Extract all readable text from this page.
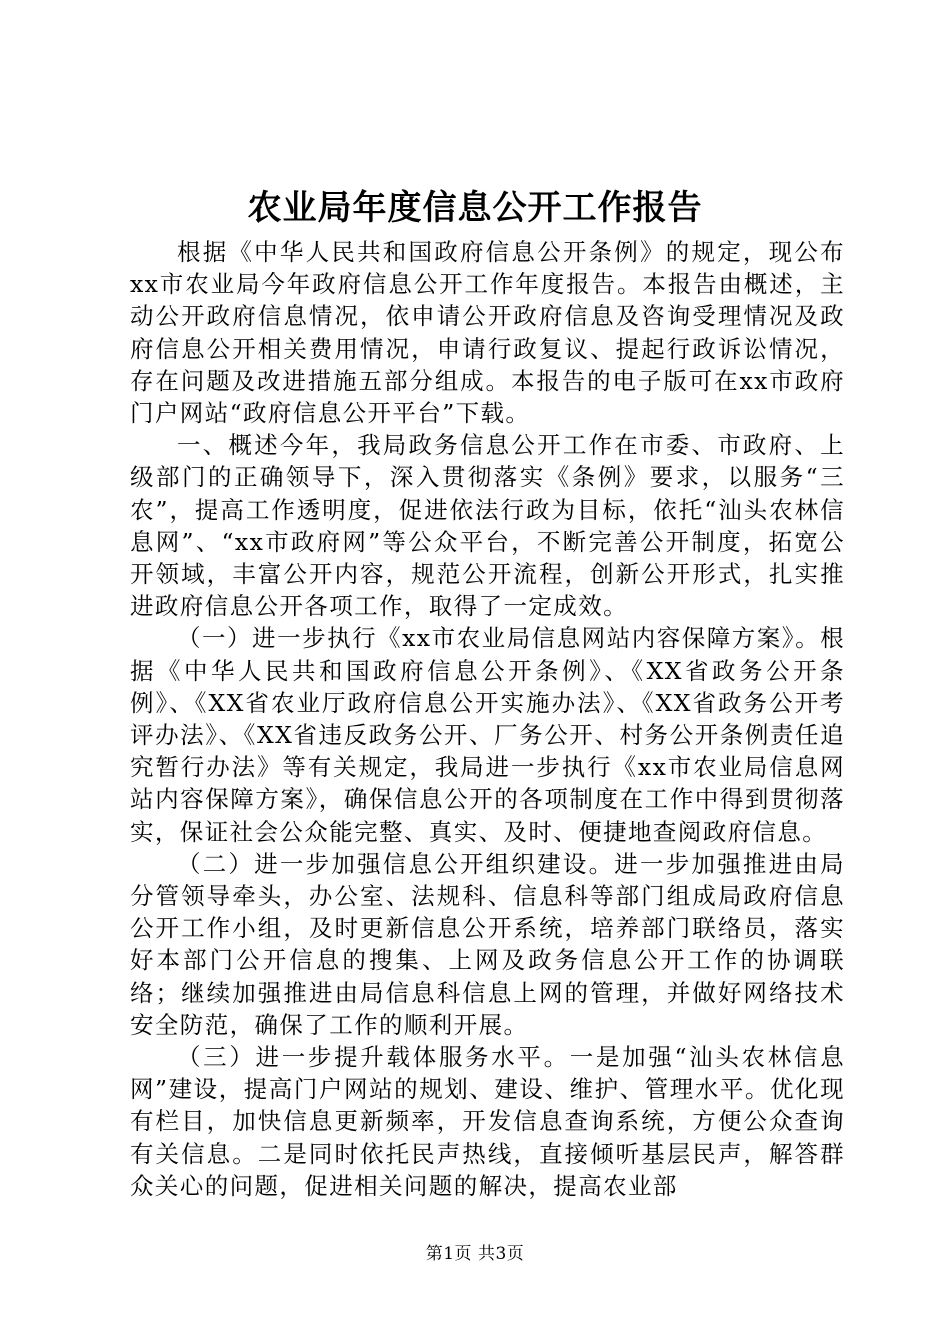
农业局年度信息公开工作报告

根据《中华人民共和国政府信息公开条例》的规定，现公布xx市农业局今年政府信息公开工作年度报告。本报告由概述，主动公开政府信息情况，依申请公开政府信息及咨询受理情况及政府信息公开相关费用情况，申请行政复议、提起行政诉讼情况，存在问题及改进措施五部分组成。本报告的电子版可在xx市政府门户网站“政府信息公开平台”下载。

一、概述今年，我局政务信息公开工作在市委、市政府、上级部门的正确领导下，深入贯彻落实《条例》要求，以服务“三农”，提高工作透明度，促进依法行政为目标，依托“汕头农林信息网”、“xx市政府网”等公众平台，不断完善公开制度，拓宽公开领域，丰富公开内容，规范公开流程，创新公开形式，扎实推进政府信息公开各项工作，取得了一定成效。

（一）进一步执行《xx市农业局信息网站内容保障方案》。根据《中华人民共和国政府信息公开条例》、《XX省政务公开条例》、《XX省农业厅政府信息公开实施办法》、《XX省政务公开考评办法》、《XX省违反政务公开、厂务公开、村务公开条例责任追究暂行办法》等有关规定，我局进一步执行《xx市农业局信息网站内容保障方案》，确保信息公开的各项制度在工作中得到贯彻落实，保证社会公众能完整、真实、及时、便捷地查阅政府信息。

（二）进一步加强信息公开组织建设。进一步加强推进由局分管领导牵头，办公室、法规科、信息科等部门组成局政府信息公开工作小组，及时更新信息公开系统，培养部门联络员，落实好本部门公开信息的搜集、上网及政务信息公开工作的协调联络；继续加强推进由局信息科信息上网的管理，并做好网络技术安全防范，确保了工作的顺利开展。

（三）进一步提升载体服务水平。一是加强“汕头农林信息网”建设，提高门户网站的规划、建设、维护、管理水平。优化现有栏目，加快信息更新频率，开发信息查询系统，方便公众查询有关信息。二是同时依托民声热线，直接倾听基层民声，解答群众关心的问题，促进相关问题的解决，提高农业部

第1页 共3页
